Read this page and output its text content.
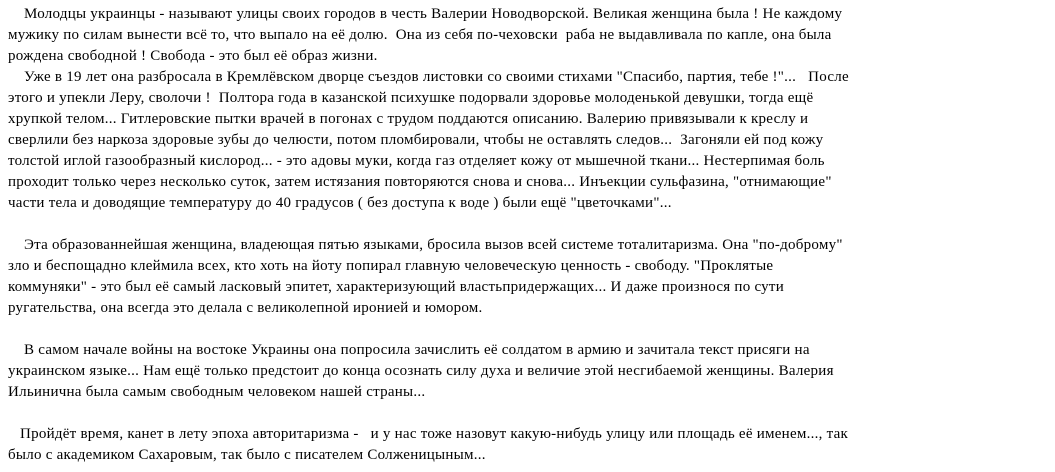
Молодцы украинцы - называют улицы своих городов в честь Валерии Новодворской. Великая женщина была ! Не каждому
мужику по силам вынести всё то, что выпало на её долю.  Она из себя по-чеховски  раба не выдавливала по капле, она была
рождена свободной ! Свобода - это был её образ жизни.

Уже в 19 лет она разбросала в Кремлёвском дворце съездов листовки со своими стихами "Спасибо, партия, тебе !"...   После
этого и упекли Леру, сволочи !  Полтора года в казанской психушке подорвали здоровье молоденькой девушки, тогда ещё
хрупкой телом... Гитлеровские пытки врачей в погонах с трудом поддаются описанию. Валерию привязывали к креслу и
сверлили без наркоза здоровые зубы до челюсти, потом пломбировали, чтобы не оставлять следов...  Загоняли ей под кожу
толстой иглой газообразный кислород... - это адовы муки, когда газ отделяет кожу от мышечной ткани... Нестерпимая боль
проходит только через несколько суток, затем истязания повторяются снова и снова... Инъекции сульфазина, "отнимающие"
части тела и доводящие температуру до 40 градусов ( без доступа к воде ) были ещё "цветочками"...

Эта образованнейшая женщина, владеющая пятью языками, бросила вызов всей системе тоталитаризма. Она "по-доброму"
зло и беспощадно клеймила всех, кто хоть на йоту попирал главную человеческую ценность - свободу. "Проклятые
коммуняки" - это был её самый ласковый эпитет, характеризующий властьпридержащих... И даже произнося по сути
ругательства, она всегда это делала с великолепной иронией и юмором.

В самом начале войны на востоке Украины она попросила зачислить её солдатом в армию и зачитала текст присяги на
украинском языке... Нам ещё только предстоит до конца осознать силу духа и величие этой несгибаемой женщины. Валерия
Ильинична была самым свободным человеком нашей страны...

Пройдёт время, канет в лету эпоха авторитаризма -   и у нас тоже назовут какую-нибудь улицу или площадь её именем..., так
было с академиком Сахаровым, так было с писателем Солженицыным...
